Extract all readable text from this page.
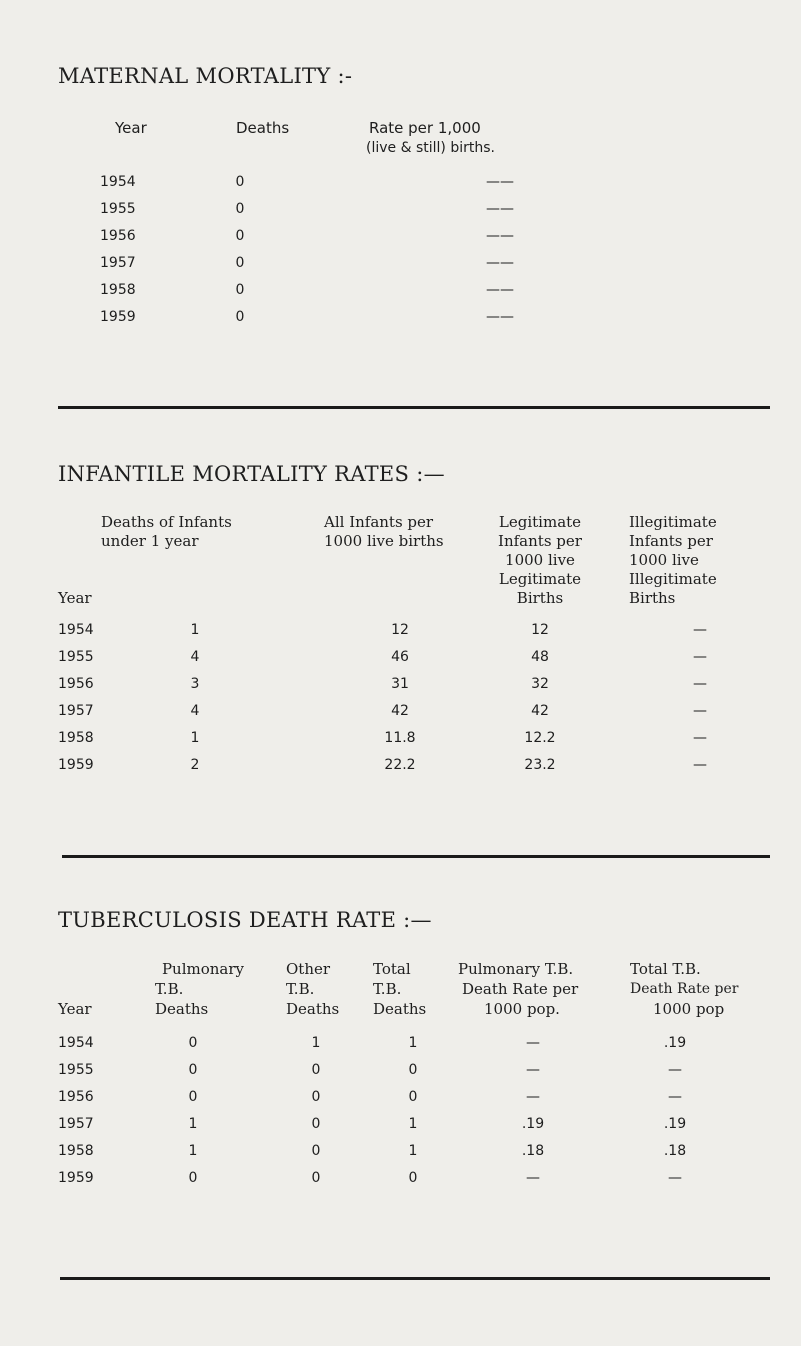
MATERNAL MORTALITY :-
Year	Deaths	Rate per 1,000
(live & still) births.
1954	0	——
1955	0	——
1956	0	——
1957	0	——
1958	0	——
1959	0	——
INFANTILE MORTALITY RATES :—
Deaths of Infants
under 1 year
All Infants per
1000 live births
Legitimate
Infants per
1000 live
Legitimate
Births
Illegitimate
Infants per
1000 live
Illegitimate
Births
Year
1954	1	12	12	—
1955	4	46	48	—
1956	3	31	32	—
1957	4	42	42	—
1958	1	11.8	12.2	—
1959	2	22.2	23.2	—
TUBERCULOSIS DEATH RATE :—
Pulmonary
T.B.
Deaths
Other
T.B.
Deaths
Total
T.B.
Deaths
Pulmonary T.B.
Death Rate per
1000 pop.
Total T.B.
Death Rate per
1000 pop
Year
1954	0	1	1	—	.19
1955	0	0	0	—	—
1956	0	0	0	—	—
1957	1	0	1	.19	.19
1958	1	0	1	.18	.18
1959	0	0	0	—	—
